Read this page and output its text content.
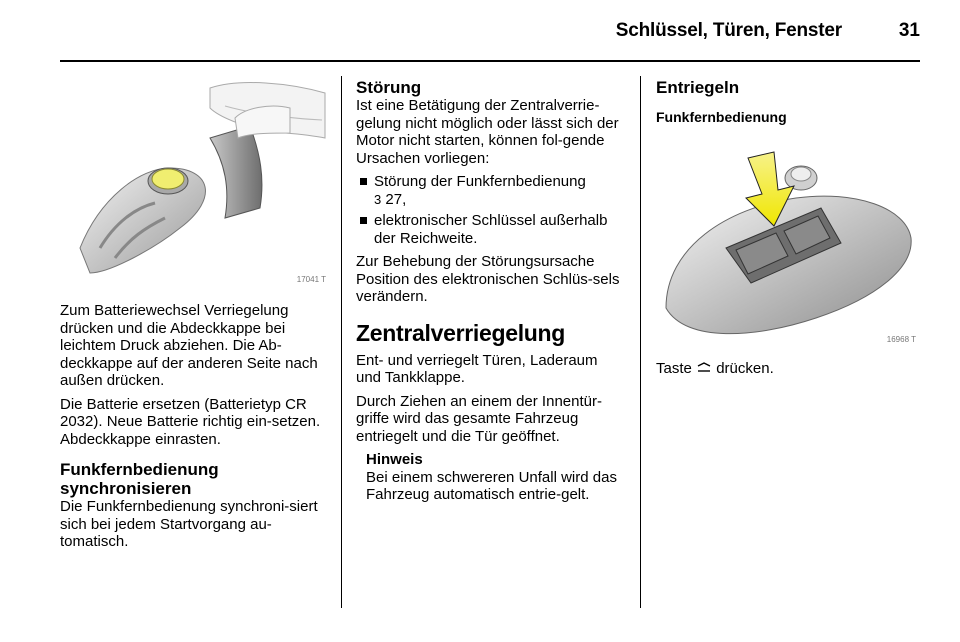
Schlüssel, Türen, Fenster	31
17041 T

Zum Batteriewechsel Verriegelung drücken und die Abdeckkappe bei leichtem Druck abziehen. Die Ab-deckkappe auf der anderen Seite nach außen drücken.

Die Batterie ersetzen (Batterietyp CR 2032). Neue Batterie richtig ein-setzen. Abdeckkappe einrasten.

Funkfernbedienung synchronisieren

Die Funkfernbedienung synchroni-siert sich bei jedem Startvorgang au-tomatisch.

Störung

Ist eine Betätigung der Zentralverrie-gelung nicht möglich oder lässt sich der Motor nicht starten, können fol-gende Ursachen vorliegen:

Störung der Funkfernbedienung
3 27,
elektronischer Schlüssel außerhalb der Reichweite.

Zur Behebung der Störungsursache Position des elektronischen Schlüs-sels verändern.

Zentralverriegelung

Ent- und verriegelt Türen, Laderaum und Tankklappe.

Durch Ziehen an einem der Innentür-griffe wird das gesamte Fahrzeug entriegelt und die Tür geöffnet.

Hinweis
Bei einem schwereren Unfall wird das Fahrzeug automatisch entrie-gelt.
Entriegeln
Funkfernbedienung
16968 T

Taste drücken.
